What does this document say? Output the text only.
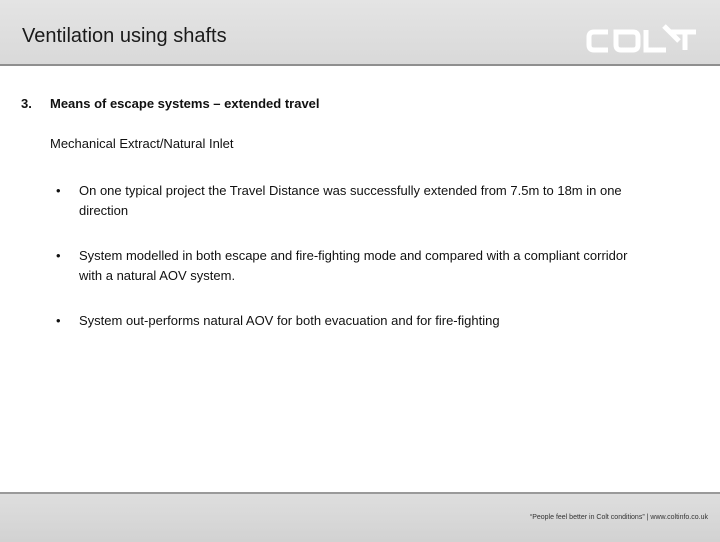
Ventilation using shafts
3. Means of escape systems – extended travel
Mechanical Extract/Natural Inlet
• On one typical project the Travel Distance was successfully extended from 7.5m to 18m in one direction
• System modelled in both escape and fire-fighting mode and compared with a compliant corridor with a natural AOV system.
• System out-performs natural AOV for both evacuation and for fire-fighting
“People feel better in Colt conditions” | www.coltinfo.co.uk
